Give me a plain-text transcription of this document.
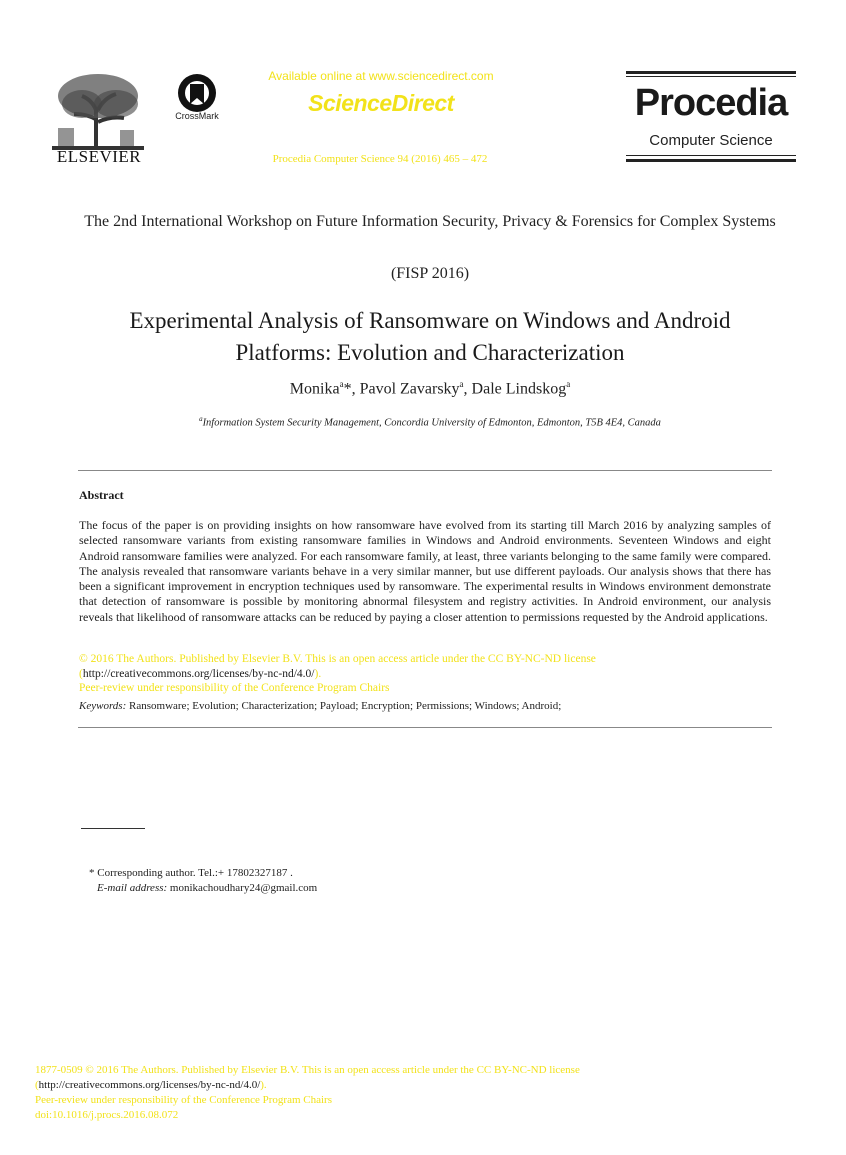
ELSEVIER
CrossMark
Available online at www.sciencedirect.com
ScienceDirect
Procedia Computer Science 94 (2016) 465 – 472
Procedia
Computer Science
The 2nd International Workshop on Future Information Security, Privacy & Forensics for Complex Systems
(FISP 2016)
Experimental Analysis of Ransomware on Windows and Android Platforms: Evolution and Characterization
Monika$^a$*, Pavol Zavarsky$^a$, Dale Lindskog$^a$
$^a$Information System Security Management, Concordia University of Edmonton, Edmonton, T5B 4E4, Canada
Abstract

The focus of the paper is on providing insights on how ransomware have evolved from its starting till March 2016 by analyzing samples of selected ransomware variants from existing ransomware families in Windows and Android environments. Seventeen Windows and eight Android ransomware families were analyzed. For each ransomware family, at least, three variants belonging to the same family were compared. The analysis revealed that ransomware variants behave in a very similar manner, but use different payloads. Our analysis shows that there has been a significant improvement in encryption techniques used by ransomware. The experimental results in Windows environment demonstrate that detection of ransomware is possible by monitoring abnormal filesystem and registry activities. In Android environment, our analysis reveals that likelihood of ransomware attacks can be reduced by paying a closer attention to permissions requested by the Android applications.

© 2016 The Authors. Published by Elsevier B.V. This is an open access article under the CC BY-NC-ND license
(http://creativecommons.org/licenses/by-nc-nd/4.0/).
Peer-review under responsibility of the Conference Program Chairs
Keywords: Ransomware; Evolution; Characterization; Payload; Encryption; Permissions; Windows; Android;
* Corresponding author. Tel.:+ 17802327187 .
E-mail address: monikachoudhary24@gmail.com
1877-0509 © 2016 The Authors. Published by Elsevier B.V. This is an open access article under the CC BY-NC-ND license
(http://creativecommons.org/licenses/by-nc-nd/4.0/).
Peer-review under responsibility of the Conference Program Chairs
doi:10.1016/j.procs.2016.08.072
